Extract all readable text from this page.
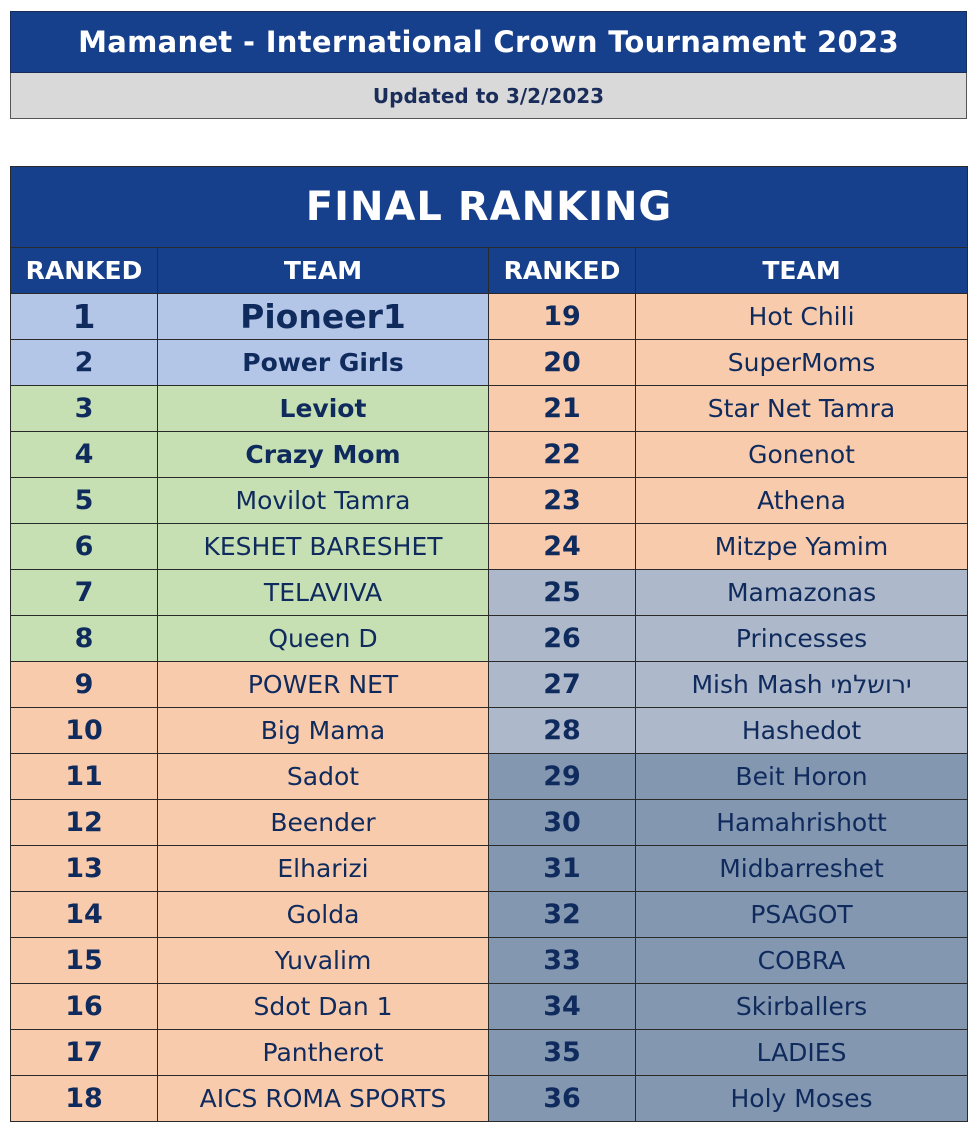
Mamanet - International Crown Tournament 2023
Updated to 3/2/2023
FINAL RANKING			
RANKED	TEAM	RANKED	TEAM
1	Pioneer1	19	Hot Chili
2	Power Girls	20	SuperMoms
3	Leviot	21	Star Net Tamra
4	Crazy Mom	22	Gonenot
5	Movilot Tamra	23	Athena
6	KESHET BARESHET	24	Mitzpe Yamim
7	TELAVIVA	25	Mamazonas
8	Queen D	26	Princesses
9	POWER NET	27	Mish Mash ירושלמי
10	Big Mama	28	Hashedot
11	Sadot	29	Beit Horon
12	Beender	30	Hamahrishott
13	Elharizi	31	Midbarreshet
14	Golda	32	PSAGOT
15	Yuvalim	33	COBRA
16	Sdot Dan 1	34	Skirballers
17	Pantherot	35	LADIES
18	AICS ROMA SPORTS	36	Holy Moses
